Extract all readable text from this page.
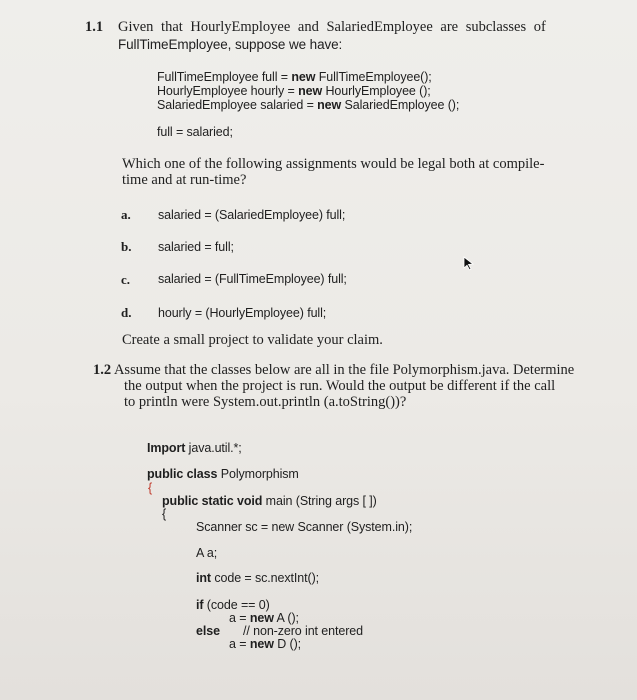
1.1 Given that HourlyEmployee and SalariedEmployee are subclasses of
FullTimeEmployee, suppose we have:
FullTimeEmployee full = new FullTimeEmployee();
HourlyEmployee hourly = new HourlyEmployee ();
SalariedEmployee salaried = new SalariedEmployee ();
full = salaried;
Which one of the following assignments would be legal both at compile-
time and at run-time?
a. salaried = (SalariedEmployee) full;
b. salaried = full;
c. salaried = (FullTimeEmployee) full;
d. hourly = (HourlyEmployee) full;
Create a small project to validate your claim.
1.2 Assume that the classes below are all in the file Polymorphism.java. Determine
the output when the project is run. Would the output be different if the call
to println were System.out.println (a.toString())?
Import java.util.*;
public class Polymorphism
{
public static void main (String args [ ])
{
Scanner sc = new Scanner (System.in);
A a;
int code = sc.nextInt();
if (code == 0)
a = new A ();
else // non-zero int entered
a = new D ();
